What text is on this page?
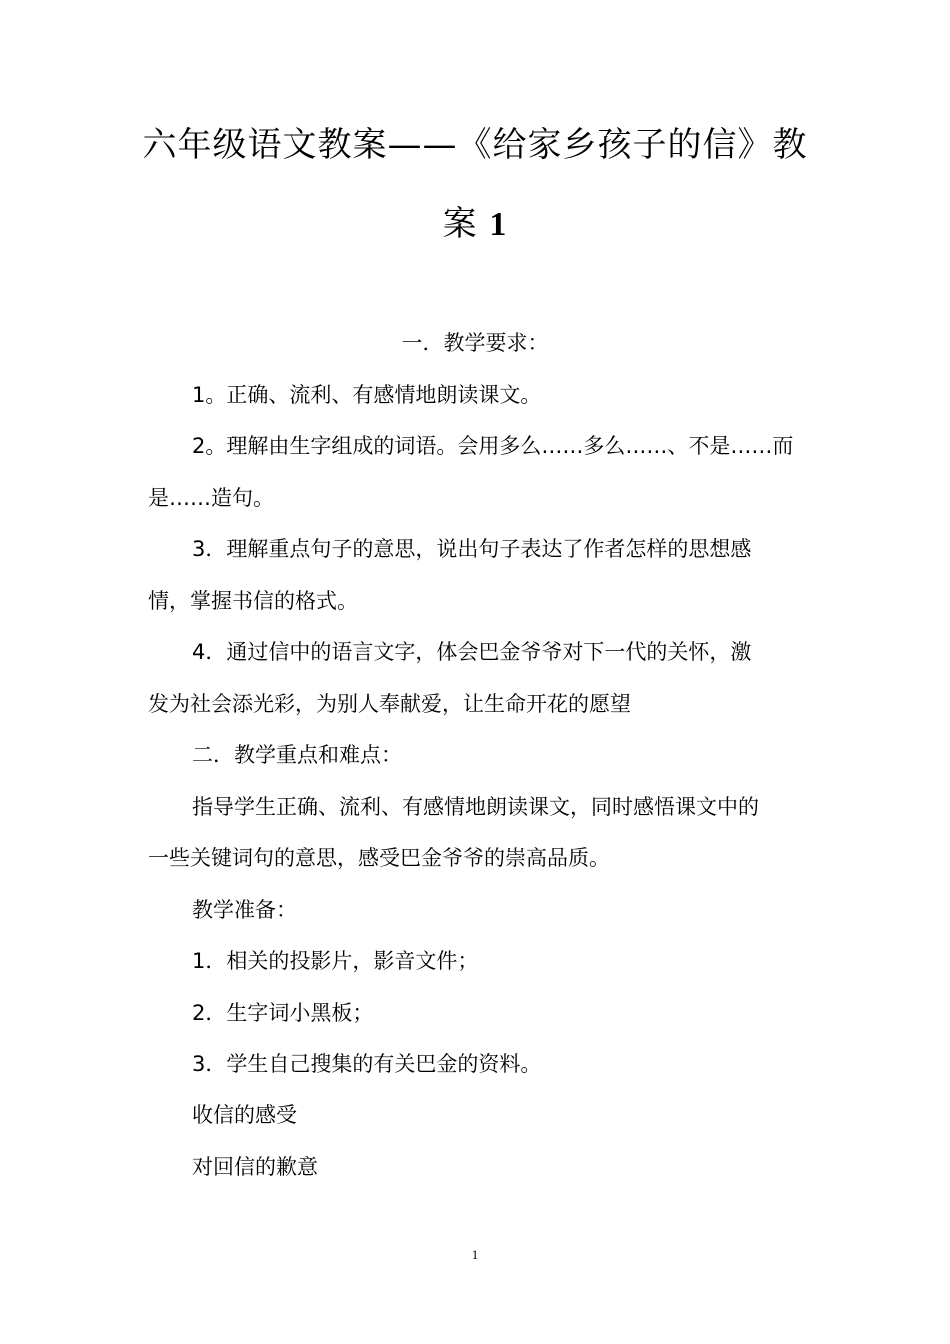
六年级语文教案——《给家乡孩子的信》教
案 1
一．教学要求：
1。正确、流利、有感情地朗读课文。
2。理解由生字组成的词语。会用多么……多么……、不是……而
是……造句。
3．理解重点句子的意思，说出句子表达了作者怎样的思想感
情，掌握书信的格式。
4．通过信中的语言文字，体会巴金爷爷对下一代的关怀，激
发为社会添光彩，为别人奉献爱，让生命开花的愿望
二．教学重点和难点：
指导学生正确、流利、有感情地朗读课文，同时感悟课文中的
一些关键词句的意思，感受巴金爷爷的崇高品质。
教学准备：
1．相关的投影片，影音文件；
2．生字词小黑板；
3．学生自己搜集的有关巴金的资料。
收信的感受
对回信的歉意
1
